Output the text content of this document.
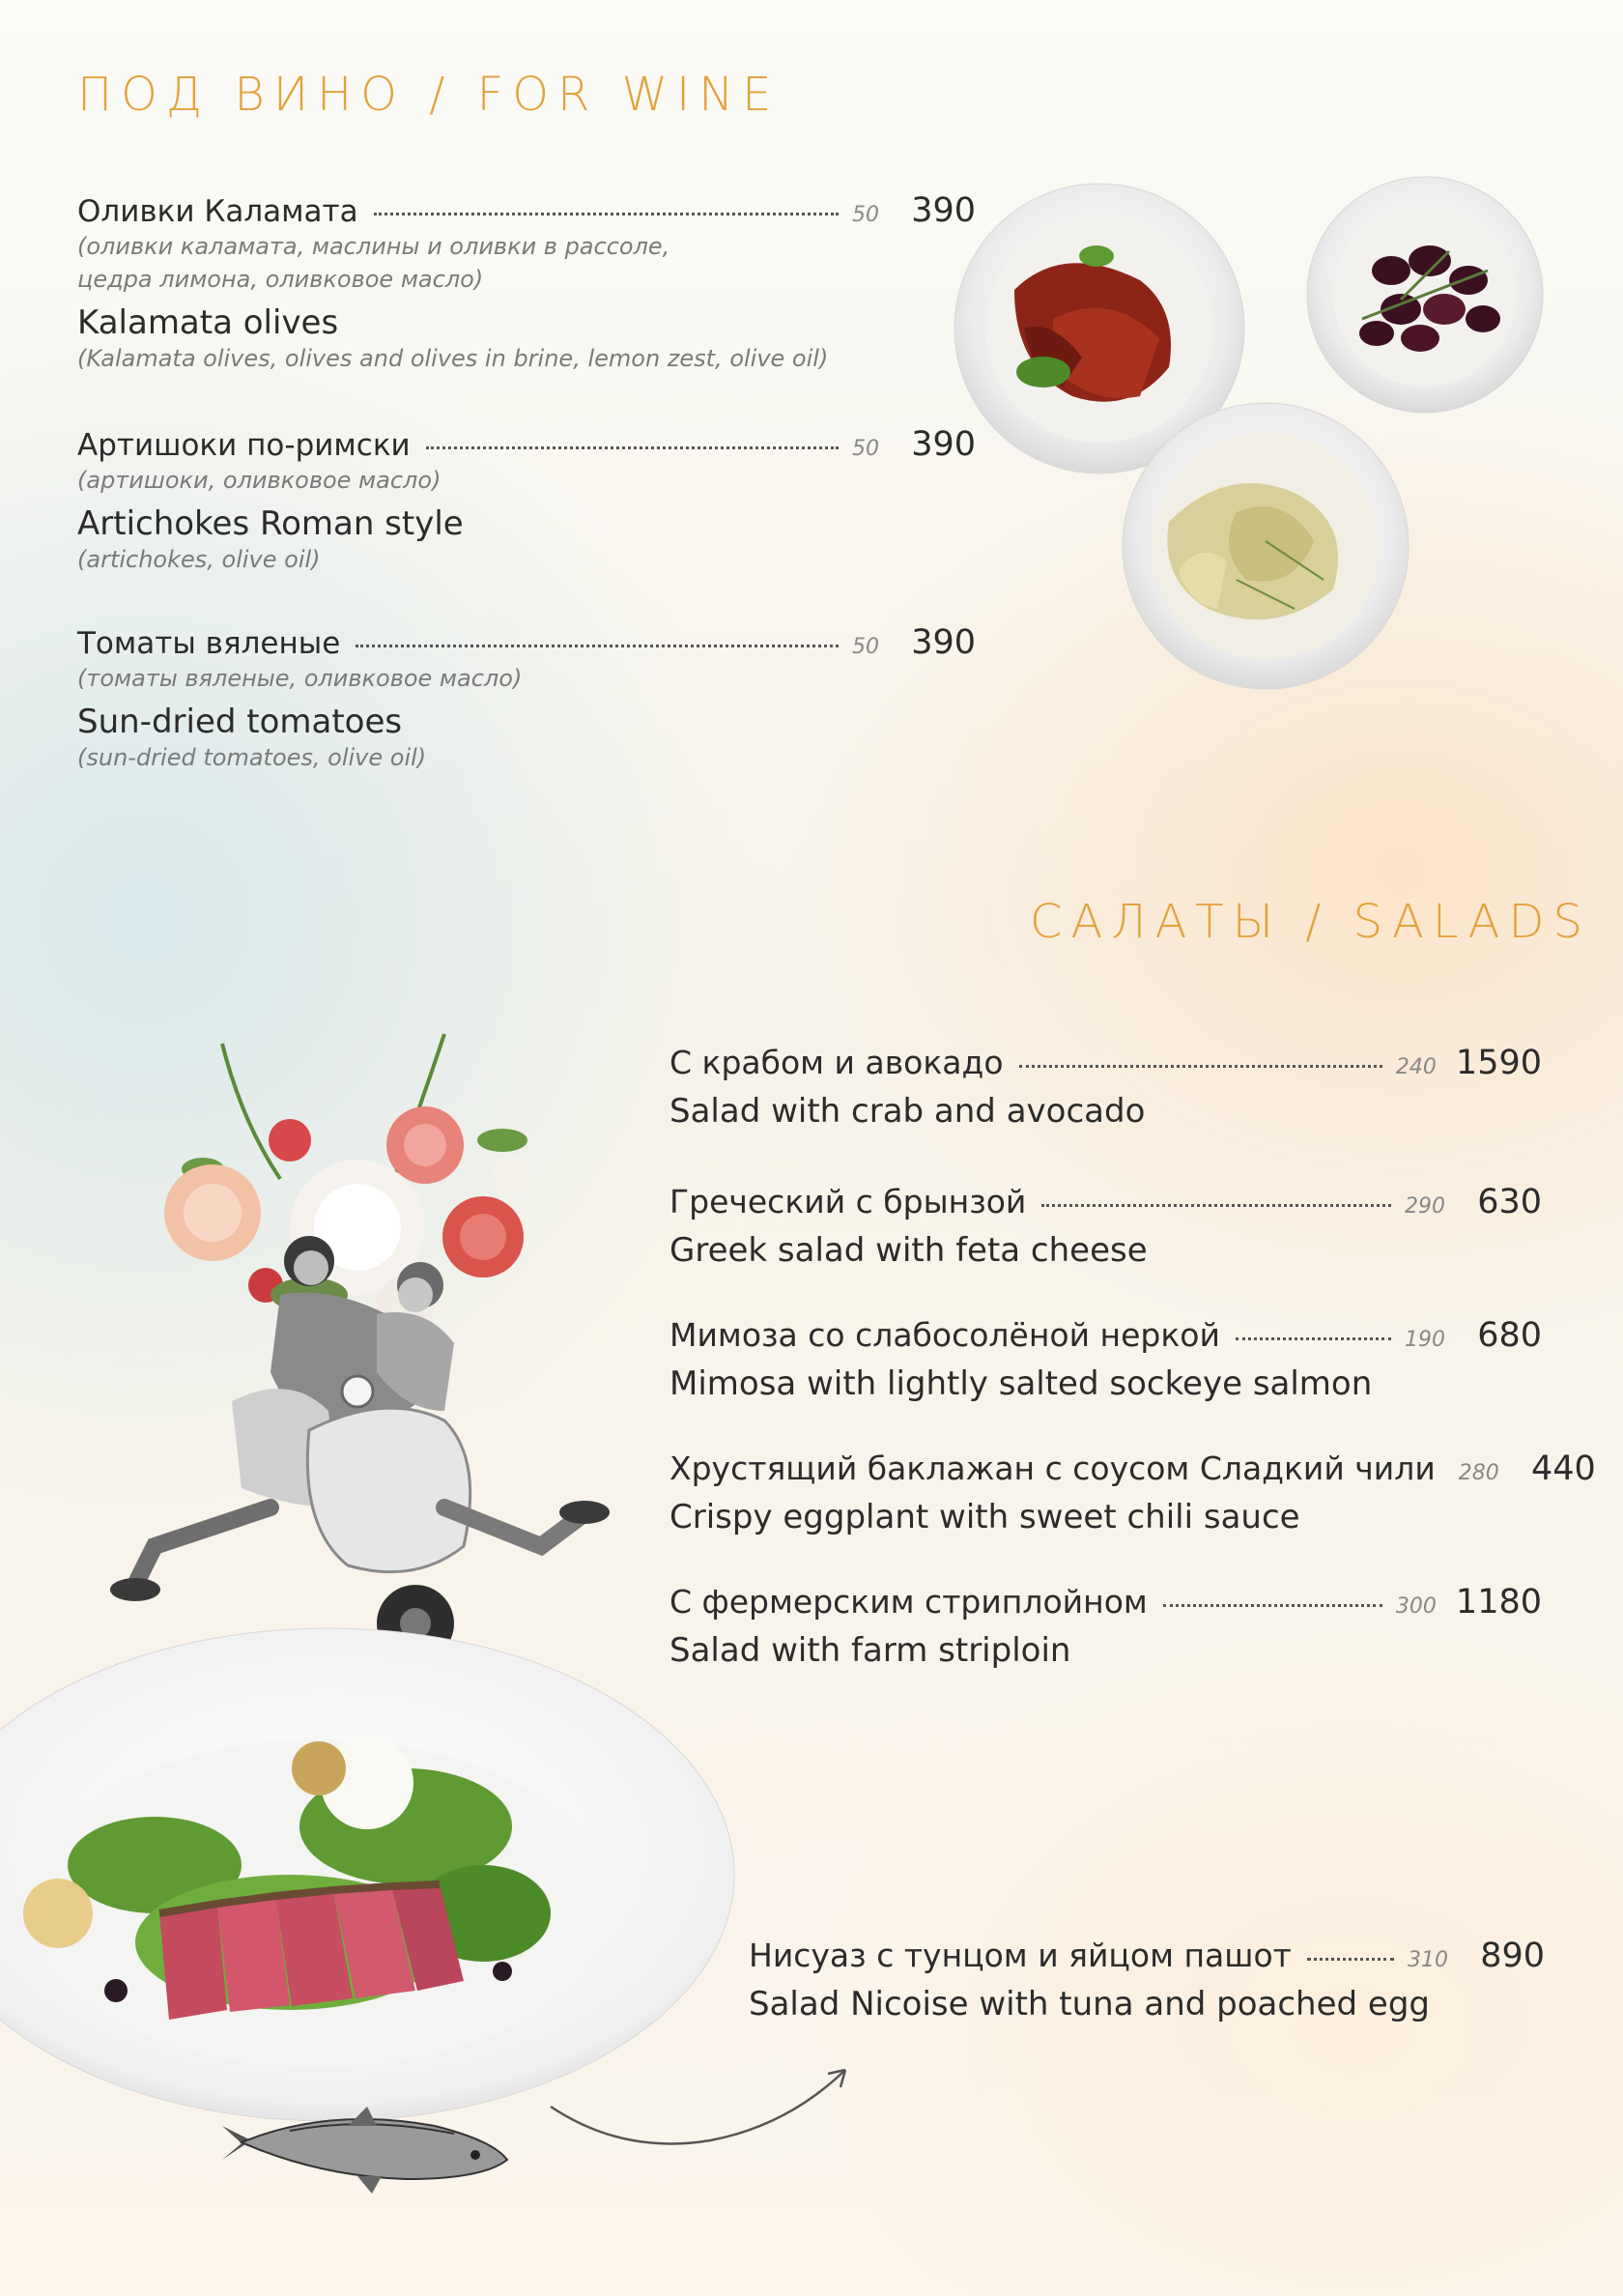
ПОД ВИНО / FOR WINE
Оливки Каламата	50 390
(оливки каламата, маслины и оливки в рассоле,
цедра лимона, оливковое масло)
Kalamata olives
(Kalamata olives, olives and olives in brine, lemon zest, olive oil)
Артишоки по-римски	50 390
(артишоки, оливковое масло)
Artichokes Roman style
(artichokes, olive oil)
Томаты вяленые	50 390
(томаты вяленые, оливковое масло)
Sun-dried tomatoes
(sun-dried tomatoes, olive oil)
САЛАТЫ / SALADS
С крабом и авокадо	240 1590
Salad with crab and avocado
Греческий с брынзой	290 630
Greek salad with feta cheese
Мимоза со слабосолёной неркой	190 680
Mimosa with lightly salted sockeye salmon
Хрустящий баклажан с соусом Сладкий чили 280 440
Crispy eggplant with sweet chili sauce
С фермерским стриплойном	300 1180
Salad with farm striploin
Нисуаз с тунцом и яйцом пашот	310 890
Salad Nicoise with tuna and poached egg
